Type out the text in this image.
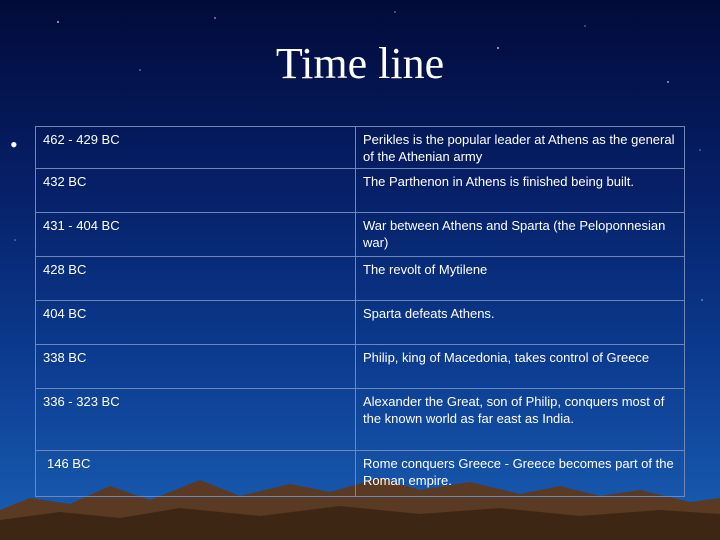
Time line
• 462 - 429 BC	Perikles is the popular leader at Athens as the general of the Athenian army
432 BC	The Parthenon in Athens is finished being built.
431 - 404 BC	War between Athens and Sparta (the Peloponnesian war)
428 BC	The revolt of Mytilene
404 BC	Sparta defeats Athens.
338 BC	Philip, king of Macedonia, takes control of Greece
336 - 323 BC	Alexander the Great, son of Philip, conquers most of the known world as far east as India.
146 BC	Rome conquers Greece - Greece becomes part of the Roman empire.
